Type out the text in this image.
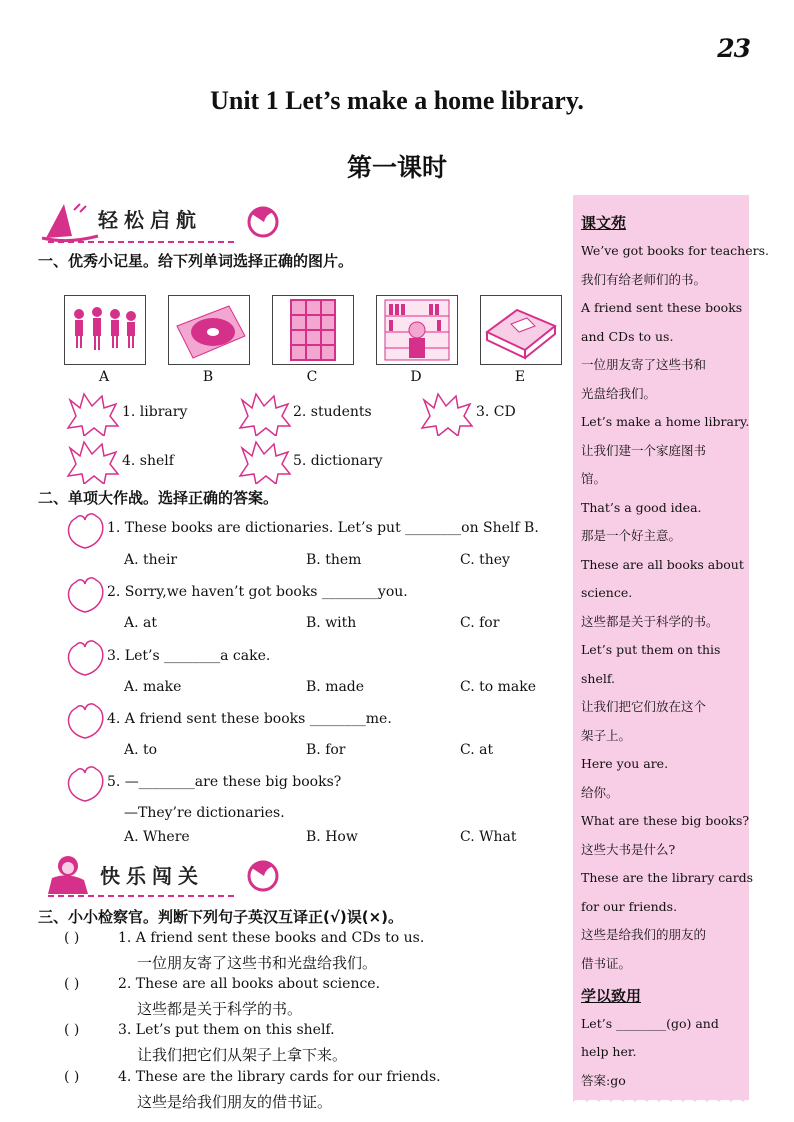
23
Unit 1 Let’s make a home library.
第一课时
轻松启航
一、优秀小记星。给下列单词选择正确的图片。
A	B	C	D	E
1. library	2. students	3. CD
4. shelf	5. dictionary
二、单项大作战。选择正确的答案。
1. These books are dictionaries. Let’s put ________on Shelf B.
A. their	B. them	C. they
2. Sorry,we haven’t got books ________you.
A. at	B. with	C. for
3. Let’s ________a cake.
A. make	B. made	C. to make
4. A friend sent these books ________me.
A. to	B. for	C. at
5. —________are these big books?
—They’re dictionaries.
A. Where	B. How	C. What
快乐闯关
三、小小检察官。判断下列句子英汉互译正(√)误(×)。
( )	1. A friend sent these books and CDs to us.
一位朋友寄了这些书和光盘给我们。
( )	2. These are all books about science.
这些都是关于科学的书。
( )	3. Let’s put them on this shelf.
让我们把它们从架子上拿下来。
( )	4. These are the library cards for our friends.
这些是给我们朋友的借书证。
课文苑
We’ve got books for teachers.
我们有给老师们的书。
A friend sent these books
and CDs to us.
一位朋友寄了这些书和
光盘给我们。
Let’s make a home library.
让我们建一个家庭图书
馆。
That’s a good idea.
那是一个好主意。
These are all books about
science.
这些都是关于科学的书。
Let’s put them on this
shelf.
让我们把它们放在这个
架子上。
Here you are.
给你。
What are these big books?
这些大书是什么?
These are the library cards
for our friends.
这些是给我们的朋友的
借书证。
学以致用
Let’s ________(go) and
help her.
答案:go
